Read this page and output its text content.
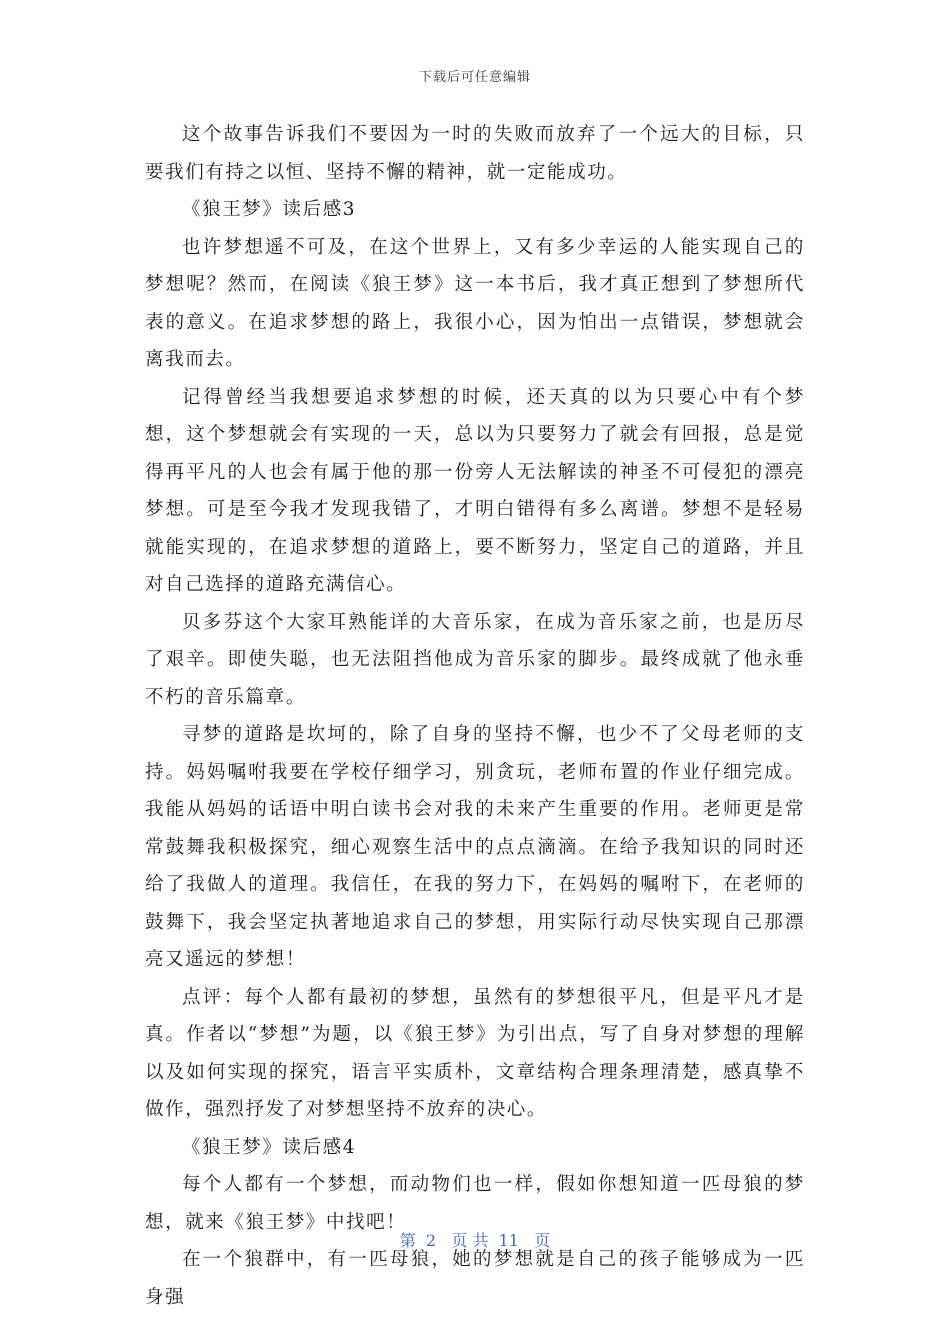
下载后可任意编辑

这个故事告诉我们不要因为一时的失败而放弃了一个远大的目标，只要我们有持之以恒、坚持不懈的精神，就一定能成功。

《狼王梦》读后感3

也许梦想遥不可及，在这个世界上，又有多少幸运的人能实现自己的梦想呢？然而，在阅读《狼王梦》这一本书后，我才真正想到了梦想所代表的意义。在追求梦想的路上，我很小心，因为怕出一点错误，梦想就会离我而去。

记得曾经当我想要追求梦想的时候，还天真的以为只要心中有个梦想，这个梦想就会有实现的一天，总以为只要努力了就会有回报，总是觉得再平凡的人也会有属于他的那一份旁人无法解读的神圣不可侵犯的漂亮梦想。可是至今我才发现我错了，才明白错得有多么离谱。梦想不是轻易就能实现的，在追求梦想的道路上，要不断努力，坚定自己的道路，并且对自己选择的道路充满信心。

贝多芬这个大家耳熟能详的大音乐家，在成为音乐家之前，也是历尽了艰辛。即使失聪，也无法阻挡他成为音乐家的脚步。最终成就了他永垂不朽的音乐篇章。

寻梦的道路是坎坷的，除了自身的坚持不懈，也少不了父母老师的支持。妈妈嘱咐我要在学校仔细学习，别贪玩，老师布置的作业仔细完成。我能从妈妈的话语中明白读书会对我的未来产生重要的作用。老师更是常常鼓舞我积极探究，细心观察生活中的点点滴滴。在给予我知识的同时还给了我做人的道理。我信任，在我的努力下，在妈妈的嘱咐下，在老师的鼓舞下，我会坚定执著地追求自己的梦想，用实际行动尽快实现自己那漂亮又遥远的梦想！

点评：每个人都有最初的梦想，虽然有的梦想很平凡，但是平凡才是真。作者以“梦想”为题，以《狼王梦》为引出点，写了自身对梦想的理解以及如何实现的探究，语言平实质朴，文章结构合理条理清楚，感真挚不做作，强烈抒发了对梦想坚持不放弃的决心。

《狼王梦》读后感4

每个人都有一个梦想，而动物们也一样，假如你想知道一匹母狼的梦想，就来《狼王梦》中找吧！

在一个狼群中，有一匹母狼，她的梦想就是自己的孩子能够成为一匹身强

第  2   页 共  11   页
